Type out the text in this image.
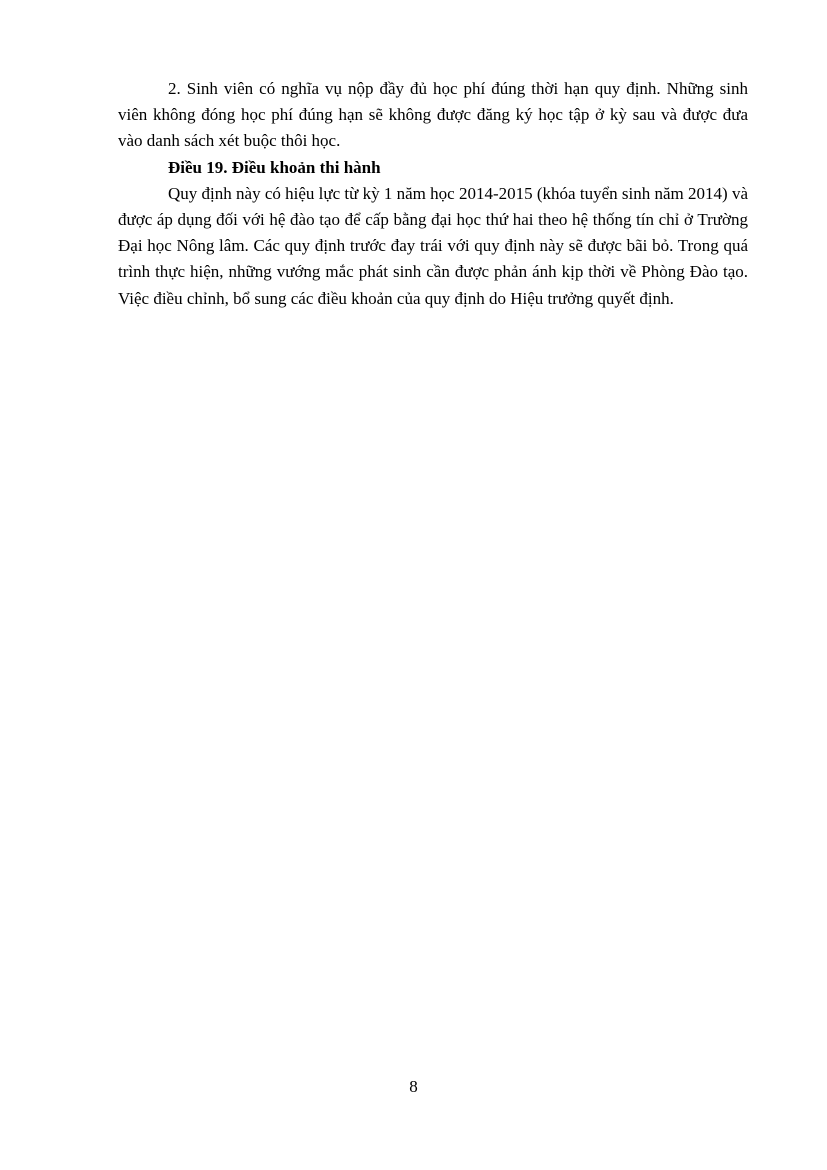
2. Sinh viên có nghĩa vụ nộp đầy đủ học phí đúng thời hạn quy định. Những sinh viên không đóng học phí đúng hạn sẽ không được đăng ký học tập ở kỳ sau và được đưa vào danh sách xét buộc thôi học.

Điều 19. Điều khoản thi hành

Quy định này có hiệu lực từ kỳ 1 năm học 2014-2015 (khóa tuyển sinh năm 2014) và được áp dụng đối với hệ đào tạo để cấp bằng đại học thứ hai theo hệ thống tín chỉ ở Trường Đại học Nông lâm. Các quy định trước đay trái với quy định này sẽ được bãi bỏ. Trong quá trình thực hiện, những vướng mắc phát sinh cần được phản ánh kịp thời về Phòng Đào tạo. Việc điều chỉnh, bổ sung các điều khoản của quy định do Hiệu trưởng quyết định.

8
